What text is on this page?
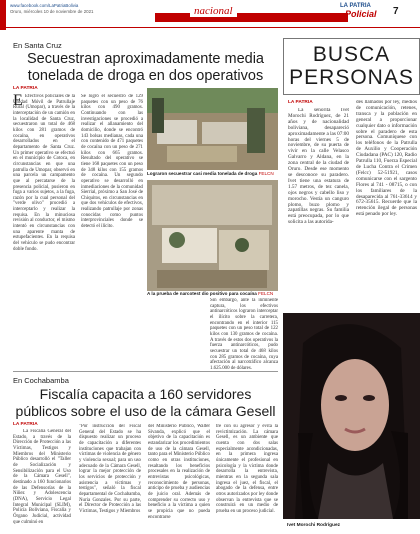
www.facebook.com/LaPatriaBolivia
Oruro, miércoles 10 de noviembre de 2021	nacional	LA PATRIA
Policial 7
En Santa Cruz
Secuestran aproximadamente media tonelada de droga en dos operativos
LA PATRIA
E Efectivos policiales de la Unidad Móvil de Patrullaje Rural (Umopar), a través de la interceptación de un camión en la localidad de Santa Cruz, secuestraron un total de 468 kilos con 281 gramos de cocaína, en operativos desarrollados en el departamento de Santa Cruz. Un primer operativo se efectuó en el municipio de Cotoca, en circunstancias en que una patrulla de Umopar, observó en una parcela un campamento que al percatarse de la presencia policial, pusieron en fuga a varios sujetos, a la fuga, razón por la cual personal del "verde olivo" procedió a interceptarlo y realizar la requisa. En la minuciosa revisión al conductor, el mismo intentó en circunstancias con una aparente manta de estupefacientes. En la requisa del vehículo se pudo encontrar doble fondo.
Se logró el secuestro de 129 paquetes con un peso de 76 kilos con 490 gramos. Continuando con las investigaciones se procedió a realizar el allanamiento del domicilio, donde se encontró 143 bolsas medianas, cada una con contenido de 471 paquetes de cocaína con un peso de 271 kilos con 665 gramos. Resultado del operativo se tiene 168 paquetes con un peso de 348 kilos con 155 gramos de cocaína. Un segundo operativo se desarrolló en inmediaciones de la comunidad Sierrial, próximo a San José de Chiquitos, en circunstancias en que dos vehículos de efectivos, realizando patrullaje por zonas conocidas como puntos interprovinciales donde se detectó el ilícito.
Sin embargo, ante la inminente captura, los efectivos antinarcóticos lograron interceptar el ilícito sobre la carretera, encontrando en el interior 115 paquetes con un peso total de 122 kilos con 130 gramos de cocaína. A través de estos dos operativos la fuerza antinarcóticos, pudo secuestrar un total de 468 kilos con 285 gramos de cocaína, cuya afectación al narcotráfico alcanza 1.625.000 de dólares.
Lograron secuestrar casi media tonelada de droga FELCN
A la prueba de narcotest dio positivo para cocaína FELCN
En Cochabamba
Fiscalía capacita a 160 servidores públicos sobre el uso de la cámara Gesell
LA PATRIA
La Fiscalía General del Estado, a través de la Dirección de Protección a las Víctimas, Testigos y Miembros del Ministerio Público desarrolló el "Taller de Socialización y Sensibilización para el Uso de la Cámara Gesell", destinado a 160 funcionarios de las Defensorías de la Niñez y Adolescencia (DNA), Servicio Legal Integral Municipal (SLIM), Policía Boliviana, Fiscalía y Órgano Judicial, actividad que culminó en
"Por instrucción del Fiscal General del Estado se ha dispuesto realizar un proceso de capacitación a diferentes instituciones que trabajan con víctimas de violencia de género y violencia sexual; para un uso adecuado de la Cámara Gesell, lograr la mejor protección de los servicios de protección y asistencia a víctimas y testigos", señaló la fiscal departamental de Cochabamba, Nuria Gonzales. Por su parte, el Director de Protección a las Víctimas, Testigos y Miembros
del Ministerio Público, Walter Sivanda, explicó que el objetivo de la capacitación es estandarizar los procedimientos de uso de la cámara Gesell, tanto para el Ministerio Público como en otras instituciones, resaltando los beneficios procesales en la realización de entrevistas psicológicas, reconocimiento de personas, anticipo de prueba y audiencias de juicio oral. Además de comprender su correcto uso y beneficio a la víctima a quien se propicia que no pueda encontrarse
tre con su agresor y evita la revictimización. La cámara Gesell, es un ambiente que cuenta con dos salas especialmente acondicionadas, en la primera ingresa únicamente el profesional en psicología y la víctima donde desarrolla la entrevista, mientras en la segunda sala ingresa el juez, el fiscal, el abogado de la defensa, entre otros autorizados por ley donde observan la entrevista que se construirá en un medio de prueba en un proceso judicial.
BUSCA
PERSONAS
LA PATRIA
La señorita Ivet Morochi Rodríguez, de 21 años y de nacionalidad boliviana, desapareció aproximadamente a las 07:00 horas del viernes 5 de noviembre, de su puerta de vivir en la calle Velasco Galvarro y Aldana, en la zona central de la ciudad de Oruro. Desde ese momento se desconoce su paradero. Ivet tiene una estatura de 1.57 metros, de tez canela, ojos negros y cabello liso y morocho. Vestía un canguro plomo, buzo plomo y zapatillas negras. Su familia está preocupada, por lo que solicita a las autorida-
des llamados por ley, medios de comunicación, retenes, transca y la población en general a proporcionar cualquier dato o información sobre el paradero de esta persona. Comuníquese con los teléfonos de la Patrulla de Auxilio y Cooperación Ciudadana (PAC) 120, Radio Patrulla 110, Fuerza Especial de Lucha Contra el Crimen (Felcc) 52-51921, casos comunicarse con el sargento Flores al 741 - 08715, o con los familiares de la desaparecida al 761-33614 y 672-35615. Recuerde que la retención ilegal de personas está penado por ley.
Ivet Morochi Rodríguez
